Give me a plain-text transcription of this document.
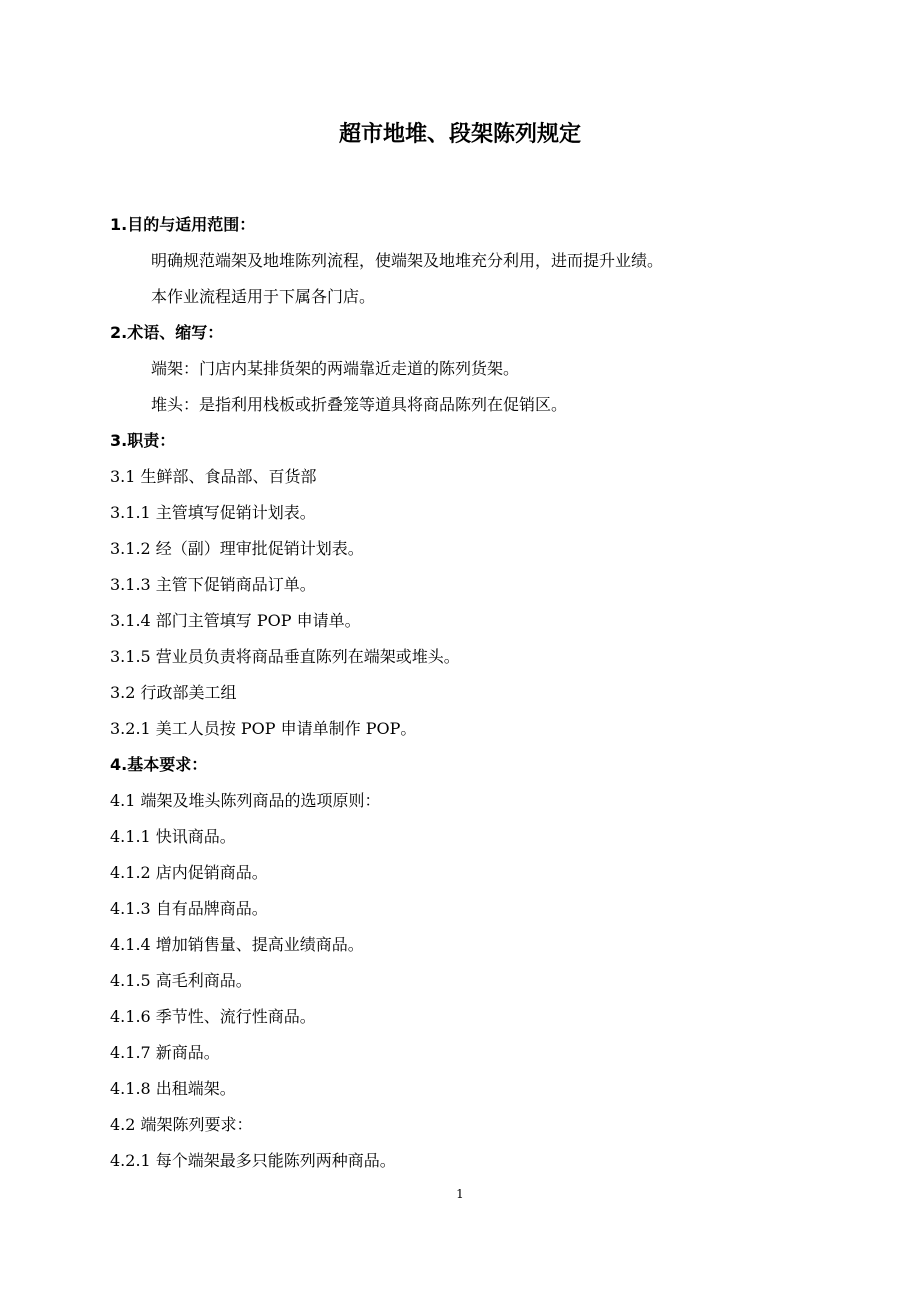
超市地堆、段架陈列规定
1.目的与适用范围：
明确规范端架及地堆陈列流程，使端架及地堆充分利用，进而提升业绩。
本作业流程适用于下属各门店。
2.术语、缩写：
端架：门店内某排货架的两端靠近走道的陈列货架。
堆头：是指利用栈板或折叠笼等道具将商品陈列在促销区。
3.职责：
3.1 生鲜部、食品部、百货部
3.1.1 主管填写促销计划表。
3.1.2 经（副）理审批促销计划表。
3.1.3 主管下促销商品订单。
3.1.4 部门主管填写 POP 申请单。
3.1.5 营业员负责将商品垂直陈列在端架或堆头。
3.2 行政部美工组
3.2.1 美工人员按 POP 申请单制作 POP。
4.基本要求：
4.1 端架及堆头陈列商品的选项原则：
4.1.1 快讯商品。
4.1.2 店内促销商品。
4.1.3 自有品牌商品。
4.1.4 增加销售量、提高业绩商品。
4.1.5 高毛利商品。
4.1.6 季节性、流行性商品。
4.1.7 新商品。
4.1.8 出租端架。
4.2 端架陈列要求：
4.2.1 每个端架最多只能陈列两种商品。
1
